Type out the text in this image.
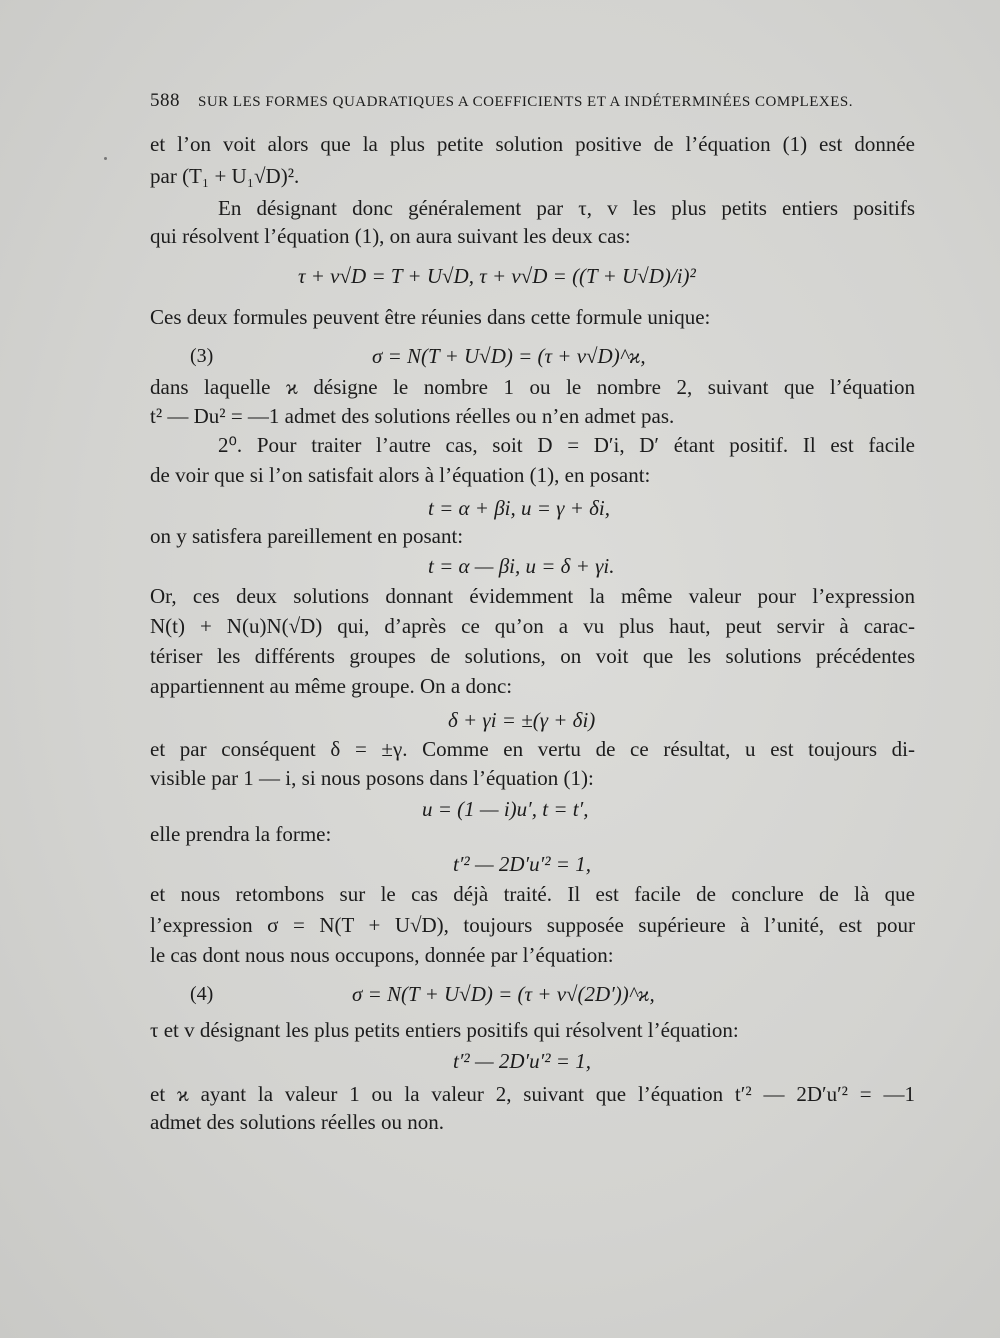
588 SUR LES FORMES QUADRATIQUES A COEFFICIENTS ET A INDÉTERMINÉES COMPLEXES.
et l’on voit alors que la plus petite solution positive de l’équation (1) est donnée
par (T₁ + U₁√D)².
En désignant donc généralement par τ, v les plus petits entiers positifs
qui résolvent l’équation (1), on aura suivant les deux cas:
τ + v√D = T + U√D, τ + v√D = ((T + U√D)/i)²
Ces deux formules peuvent être réunies dans cette formule unique:
(3)	σ = N(T + U√D) = (τ + v√D)^ϰ,
dans laquelle ϰ désigne le nombre 1 ou le nombre 2, suivant que l’équation
t² — Du² = —1 admet des solutions réelles ou n’en admet pas.
2⁰. Pour traiter l’autre cas, soit D = D′i, D′ étant positif. Il est facile
de voir que si l’on satisfait alors à l’équation (1), en posant:
t = α + βi, u = γ + δi,
on y satisfera pareillement en posant:
t = α — βi, u = δ + γi.
Or, ces deux solutions donnant évidemment la même valeur pour l’expression
N(t) + N(u)N(√D) qui, d’après ce qu’on a vu plus haut, peut servir à carac-
tériser les différents groupes de solutions, on voit que les solutions précédentes
appartiennent au même groupe. On a donc:
δ + γi = ±(γ + δi)
et par conséquent δ = ±γ. Comme en vertu de ce résultat, u est toujours di-
visible par 1 — i, si nous posons dans l’équation (1):
u = (1 — i)u′, t = t′,
elle prendra la forme:
t′² — 2D′u′² = 1,
et nous retombons sur le cas déjà traité. Il est facile de conclure de là que
l’expression σ = N(T + U√D), toujours supposée supérieure à l’unité, est pour
le cas dont nous nous occupons, donnée par l’équation:
(4)	σ = N(T + U√D) = (τ + v√(2D′))^ϰ,
τ et v désignant les plus petits entiers positifs qui résolvent l’équation:
t′² — 2D′u′² = 1,
et ϰ ayant la valeur 1 ou la valeur 2, suivant que l’équation t′² — 2D′u′² = —1
admet des solutions réelles ou non.
